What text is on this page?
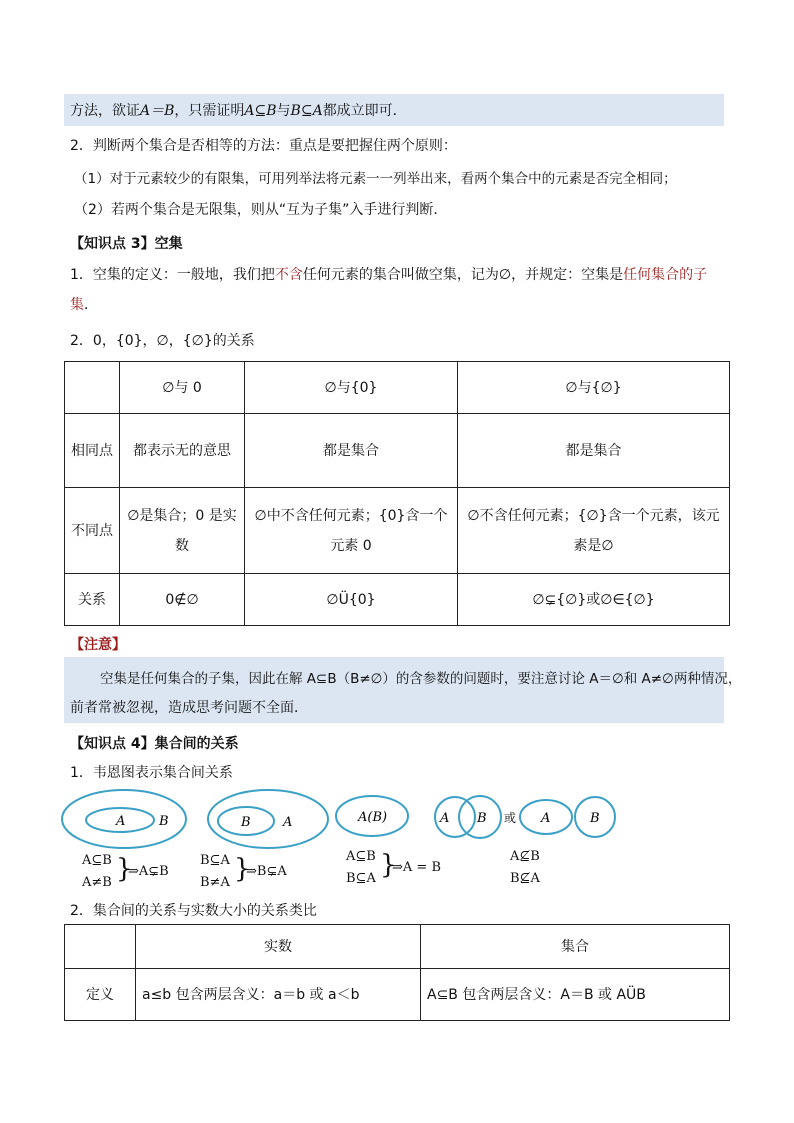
方法，欲证A＝B，只需证明A⊆B与B⊆A都成立即可．
2．判断两个集合是否相等的方法：重点是要把握住两个原则：
（1）对于元素较少的有限集，可用列举法将元素一一列举出来，看两个集合中的元素是否完全相同；
（2）若两个集合是无限集，则从“互为子集”入手进行判断．
【知识点 3】空集
1．空集的定义：一般地，我们把不含任何元素的集合叫做空集，记为∅，并规定：空集是任何集合的子
集．
2．0，{0}，∅，{∅}的关系
	∅与 0	∅与{0}	∅与{∅}
相同点	都表示无的意思	都是集合	都是集合
不同点	∅是集合；0 是实数	∅中不含任何元素；{0}含一个元素 0	∅不含任何元素；{∅}含一个元素，该元素是∅
关系	0∉∅	∅Ü{0}	∅⊊{∅}或∅∈{∅}
【注意】
空集是任何集合的子集，因此在解 A⊆B（B≠∅）的含参数的问题时，要注意讨论 A＝∅和 A≠∅两种情况，
前者常被忽视，造成思考问题不全面．
【知识点 4】集合间的关系
1．韦恩图表示集合间关系
A	B	B A	A(B)	A B 或 A	B
A⊆B
A≠B }
⇒A⊊B
B⊆A
B≠A }
⇒B⊊A
A⊆B
B⊆A }
⇒A = B
A⊈B
B⊈A
2．集合间的关系与实数大小的关系类比
	实数	集合
定义	a≤b 包含两层含义：a＝b 或 a＜b	A⊆B 包含两层含义：A＝B 或 AÜB
